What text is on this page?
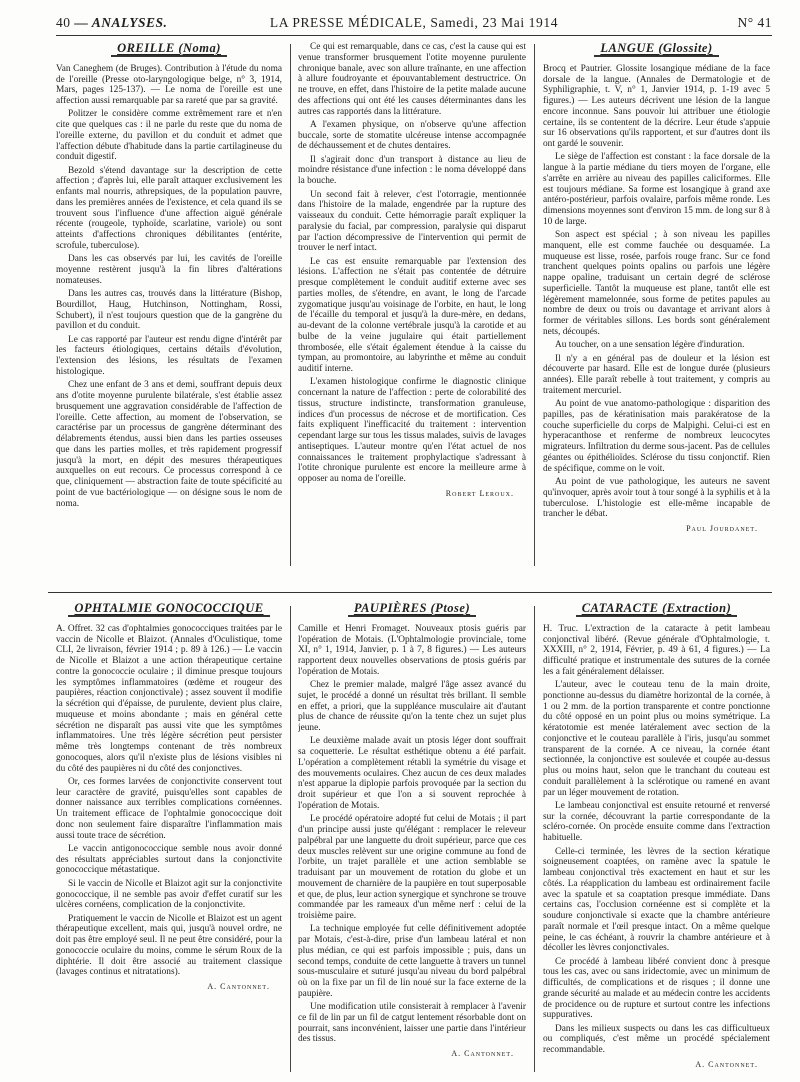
40 — ANALYSES.	LA PRESSE MÉDICALE, Samedi, 23 Mai 1914	N° 41
OREILLE (Noma)

Van Caneghem (de Bruges). Contribution à l'étude du noma de l'oreille (Presse oto-laryngologique belge, n° 3, 1914, Mars, pages 125-137). — Le noma de l'oreille est une affection aussi remarquable par sa rareté que par sa gravité.

Politzer le considère comme extrêmement rare et n'en cite que quelques cas : il ne parle du reste que du noma de l'oreille externe, du pavillon et du conduit et admet que l'affection débute d'habitude dans la partie cartilagineuse du conduit digestif.

Bezold s'étend davantage sur la description de cette affection ; d'après lui, elle paraît attaquer exclusivement les enfants mal nourris, athrepsiques, de la population pauvre, dans les premières années de l'existence, et cela quand ils se trouvent sous l'influence d'une affection aiguë générale récente (rougeole, typhoïde, scarlatine, variole) ou sont atteints d'affections chroniques débilitantes (entérite, scrofule, tuberculose).

Dans les cas observés par lui, les cavités de l'oreille moyenne restèrent jusqu'à la fin libres d'altérations nomateuses.

Dans les autres cas, trouvés dans la littérature (Bishop, Bourdillot, Haug, Hutchinson, Nottingham, Rossi, Schubert), il n'est toujours question que de la gangrène du pavillon et du conduit.

Le cas rapporté par l'auteur est rendu digne d'intérêt par les facteurs étiologiques, certains détails d'évolution, l'extension des lésions, les résultats de l'examen histologique.

Chez une enfant de 3 ans et demi, souffrant depuis deux ans d'otite moyenne purulente bilatérale, s'est établie assez brusquement une aggravation considérable de l'affection de l'oreille. Cette affection, au moment de l'observation, se caractérise par un processus de gangrène déterminant des délabrements étendus, aussi bien dans les parties osseuses que dans les parties molles, et très rapidement progressif jusqu'à la mort, en dépit des mesures thérapeutiques auxquelles on eut recours. Ce processus correspond à ce que, cliniquement — abstraction faite de toute spécificité au point de vue bactériologique — on désigne sous le nom de noma.

Ce qui est remarquable, dans ce cas, c'est la cause qui est venue transformer brusquement l'otite moyenne purulente chronique banale, avec son allure traînante, en une affection à allure foudroyante et épouvantablement destructrice. On ne trouve, en effet, dans l'histoire de la petite malade aucune des affections qui ont été les causes déterminantes dans les autres cas rapportés dans la littérature.

A l'examen physique, on n'observe qu'une affection buccale, sorte de stomatite ulcéreuse intense accompagnée de déchaussement et de chutes dentaires.

Il s'agirait donc d'un transport à distance au lieu de moindre résistance d'une infection : le noma développé dans la bouche.

Un second fait à relever, c'est l'otorragie, mentionnée dans l'histoire de la malade, engendrée par la rupture des vaisseaux du conduit. Cette hémorragie paraît expliquer la paralysie du facial, par compression, paralysie qui disparut par l'action décompressive de l'intervention qui permit de trouver le nerf intact.

Le cas est ensuite remarquable par l'extension des lésions. L'affection ne s'était pas contentée de détruire presque complètement le conduit auditif externe avec ses parties molles, de s'étendre, en avant, le long de l'arcade zygomatique jusqu'au voisinage de l'orbite, en haut, le long de l'écaille du temporal et jusqu'à la dure-mère, en dedans, au-devant de la colonne vertébrale jusqu'à la carotide et au bulbe de la veine jugulaire qui était partiellement thrombosée, elle s'était également étendue à la caisse du tympan, au promontoire, au labyrinthe et même au conduit auditif interne.

L'examen histologique confirme le diagnostic clinique concernant la nature de l'affection : perte de colorabilité des tissus, structure indistincte, transformation granuleuse, indices d'un processus de nécrose et de mortification. Ces faits expliquent l'inefficacité du traitement : intervention cependant large sur tous les tissus malades, suivis de lavages antiseptiques. L'auteur montre qu'en l'état actuel de nos connaissances le traitement prophylactique s'adressant à l'otite chronique purulente est encore la meilleure arme à opposer au noma de l'oreille.

Robert Leroux.
LANGUE (Glossite)

Brocq et Pautrier. Glossite losangique médiane de la face dorsale de la langue. (Annales de Dermatologie et de Syphiligraphie, t. V, n° 1, Janvier 1914, p. 1-19 avec 5 figures.) — Les auteurs décrivent une lésion de la langue encore inconnue. Sans pouvoir lui attribuer une étiologie certaine, ils se contentent de la décrire. Leur étude s'appuie sur 16 observations qu'ils rapportent, et sur d'autres dont ils ont gardé le souvenir.

Le siège de l'affection est constant : la face dorsale de la langue à la partie médiane du tiers moyen de l'organe, elle s'arrête en arrière au niveau des papilles caliciformes. Elle est toujours médiane. Sa forme est losangique à grand axe antéro-postérieur, parfois ovalaire, parfois même ronde. Les dimensions moyennes sont d'environ 15 mm. de long sur 8 à 10 de large.

Son aspect est spécial ; à son niveau les papilles manquent, elle est comme fauchée ou desquamée. La muqueuse est lisse, rosée, parfois rouge franc. Sur ce fond tranchent quelques points opalins ou parfois une légère nappe opaline, traduisant un certain degré de sclérose superficielle. Tantôt la muqueuse est plane, tantôt elle est légèrement mamelonnée, sous forme de petites papules au nombre de deux ou trois ou davantage et arrivant alors à former de véritables sillons. Les bords sont généralement nets, découpés.

Au toucher, on a une sensation légère d'induration.

Il n'y a en général pas de douleur et la lésion est découverte par hasard. Elle est de longue durée (plusieurs années). Elle paraît rebelle à tout traitement, y compris au traitement mercuriel.

Au point de vue anatomo-pathologique : disparition des papilles, pas de kératinisation mais parakératose de la couche superficielle du corps de Malpighi. Celui-ci est en hyperacanthose et renferme de nombreux leucocytes migrateurs. Infiltration du derme sous-jacent. Pas de cellules géantes ou épithélioïdes. Sclérose du tissu conjonctif. Rien de spécifique, comme on le voit.

Au point de vue pathologique, les auteurs ne savent qu'invoquer, après avoir tout à tour songé à la syphilis et à la tuberculose. L'histologie est elle-même incapable de trancher le débat.

Paul Jourdanet.
OPHTALMIE GONOCOCCIQUE

A. Offret. 32 cas d'ophtalmies gonococciques traitées par le vaccin de Nicolle et Blaizot. (Annales d'Oculistique, tome CLI, 2e livraison, février 1914 ; p. 89 à 126.) — Le vaccin de Nicolle et Blaizot a une action thérapeutique certaine contre la gonococcie oculaire ; il diminue presque toujours les symptômes inflammatoires (œdème et rougeur des paupières, réaction conjonctivale) ; assez souvent il modifie la sécrétion qui d'épaisse, de purulente, devient plus claire, muqueuse et moins abondante ; mais en général cette sécrétion ne disparaît pas aussi vite que les symptômes inflammatoires. Une très légère sécrétion peut persister même très longtemps contenant de très nombreux gonocoques, alors qu'il n'existe plus de lésions visibles ni du côté des paupières ni du côté des conjonctives.

Or, ces formes larvées de conjonctivite conservent tout leur caractère de gravité, puisqu'elles sont capables de donner naissance aux terribles complications cornéennes. Un traitement efficace de l'ophtalmie gonococcique doit donc non seulement faire disparaître l'inflammation mais aussi toute trace de sécrétion.

Le vaccin antigonococcique semble nous avoir donné des résultats appréciables surtout dans la conjonctivite gonococcique métastatique.

Si le vaccin de Nicolle et Blaizot agit sur la conjonctivite gonococcique, il ne semble pas avoir d'effet curatif sur les ulcères cornéens, complication de la conjonctivite.

Pratiquement le vaccin de Nicolle et Blaizot est un agent thérapeutique excellent, mais qui, jusqu'à nouvel ordre, ne doit pas être employé seul. Il ne peut être considéré, pour la gonococcie oculaire du moins, comme le sérum Roux de la diphtérie. Il doit être associé au traitement classique (lavages continus et nitratations).

A. Cantonnet.
PAUPIÈRES (Ptose)

Camille et Henri Fromaget. Nouveaux ptosis guéris par l'opération de Motais. (L'Ophtalmologie provinciale, tome XI, n° 1, 1914, Janvier, p. 1 à 7, 8 figures.) — Les auteurs rapportent deux nouvelles observations de ptosis guéris par l'opération de Motais.

Chez le premier malade, malgré l'âge assez avancé du sujet, le procédé a donné un résultat très brillant. Il semble en effet, a priori, que la suppléance musculaire ait d'autant plus de chance de réussite qu'on la tente chez un sujet plus jeune.

Le deuxième malade avait un ptosis léger dont souffrait sa coquetterie. Le résultat esthétique obtenu a été parfait. L'opération a complètement rétabli la symétrie du visage et des mouvements oculaires. Chez aucun de ces deux malades n'est apparue la diplopie parfois provoquée par la section du droit supérieur et que l'on a si souvent reprochée à l'opération de Motais.

Le procédé opératoire adopté fut celui de Motais ; il part d'un principe aussi juste qu'élégant : remplacer le releveur palpébral par une languette du droit supérieur, parce que ces deux muscles relèvent sur une origine commune au fond de l'orbite, un trajet parallèle et une action semblable se traduisant par un mouvement de rotation du globe et un mouvement de charnière de la paupière en tout superposable et que, de plus, leur action synergique et synchrone se trouve commandée par les rameaux d'un même nerf : celui de la troisième paire.

La technique employée fut celle définitivement adoptée par Motais, c'est-à-dire, prise d'un lambeau latéral et non plus médian, ce qui est parfois impossible ; puis, dans un second temps, conduite de cette languette à travers un tunnel sous-musculaire et suturé jusqu'au niveau du bord palpébral où on la fixe par un fil de lin noué sur la face externe de la paupière.

Une modification utile consisterait à remplacer à l'avenir ce fil de lin par un fil de catgut lentement résorbable dont on pourrait, sans inconvénient, laisser une partie dans l'intérieur des tissus.

A. Cantonnet.
CATARACTE (Extraction)

H. Truc. L'extraction de la cataracte à petit lambeau conjonctival libéré. (Revue générale d'Ophtalmologie, t. XXXIII, n° 2, 1914, Février, p. 49 à 61, 4 figures.) — La difficulté pratique et instrumentale des sutures de la cornée les a fait généralement délaisser.

L'auteur, avec le couteau tenu de la main droite, ponctionne au-dessus du diamètre horizontal de la cornée, à 1 ou 2 mm. de la portion transparente et contre ponctionne du côté opposé en un point plus ou moins symétrique. La kératotomie est menée latéralement avec section de la conjonctive et le couteau parallèle à l'iris, jusqu'au sommet transparent de la cornée. A ce niveau, la cornée étant sectionnée, la conjonctive est soulevée et coupée au-dessus plus ou moins haut, selon que le tranchant du couteau est conduit parallèlement à la sclérotique ou ramené en avant par un léger mouvement de rotation.

Le lambeau conjonctival est ensuite retourné et renversé sur la cornée, découvrant la partie correspondante de la scléro-cornée. On procède ensuite comme dans l'extraction habituelle.

Celle-ci terminée, les lèvres de la section kératique soigneusement coaptées, on ramène avec la spatule le lambeau conjonctival très exactement en haut et sur les côtés. La réapplication du lambeau est ordinairement facile avec la spatule et sa coaptation presque immédiate. Dans certains cas, l'occlusion cornéenne est si complète et la soudure conjonctivale si exacte que la chambre antérieure paraît normale et l'œil presque intact. On a même quelque peine, le cas échéant, à rouvrir la chambre antérieure et à décoller les lèvres conjonctivales.

Ce procédé à lambeau libéré convient donc à presque tous les cas, avec ou sans iridectomie, avec un minimum de difficultés, de complications et de risques ; il donne une grande sécurité au malade et au médecin contre les accidents de procidence ou de rupture et surtout contre les infections suppuratives.

Dans les milieux suspects ou dans les cas difficultueux ou compliqués, c'est même un procédé spécialement recommandable.

A. Cantonnet.
